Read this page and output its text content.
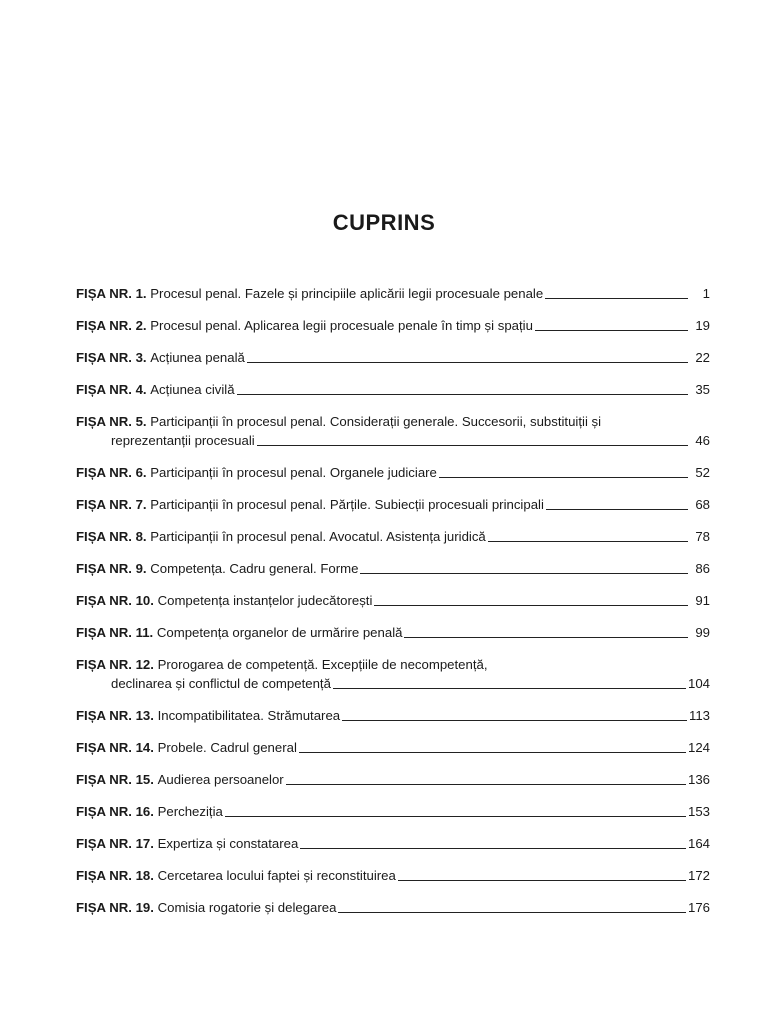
CUPRINS
FIȘA NR. 1.
Procesul penal. Fazele și principiile aplicării legii procesuale penale	1
FIȘA NR. 2.
Procesul penal. Aplicarea legii procesuale penale în timp și spațiu	19
FIȘA NR. 3.
Acțiunea penală	22
FIȘA NR. 4.
Acțiunea civilă	35
FIȘA NR. 5.
Participanții în procesul penal. Considerații generale. Succesorii, substituiții și
reprezentanții procesuali	46
FIȘA NR. 6.
Participanții în procesul penal. Organele judiciare	52
FIȘA NR. 7.
Participanții în procesul penal. Părțile. Subiecții procesuali principali	68
FIȘA NR. 8.
Participanții în procesul penal. Avocatul. Asistența juridică	78
FIȘA NR. 9.
Competența. Cadru general. Forme	86
FIȘA NR. 10.
Competența instanțelor judecătorești	91
FIȘA NR. 11.
Competența organelor de urmărire penală	99
FIȘA NR. 12.
Prorogarea de competență. Excepțiile de necompetență,
declinarea și conflictul de competență	104
FIȘA NR. 13.
Incompatibilitatea. Strămutarea	113
FIȘA NR. 14.
Probele. Cadrul general	124
FIȘA NR. 15.
Audierea persoanelor	136
FIȘA NR. 16.
Percheziția	153
FIȘA NR. 17.
Expertiza și constatarea	164
FIȘA NR. 18.
Cercetarea locului faptei și reconstituirea	172
FIȘA NR. 19.
Comisia rogatorie și delegarea	176
